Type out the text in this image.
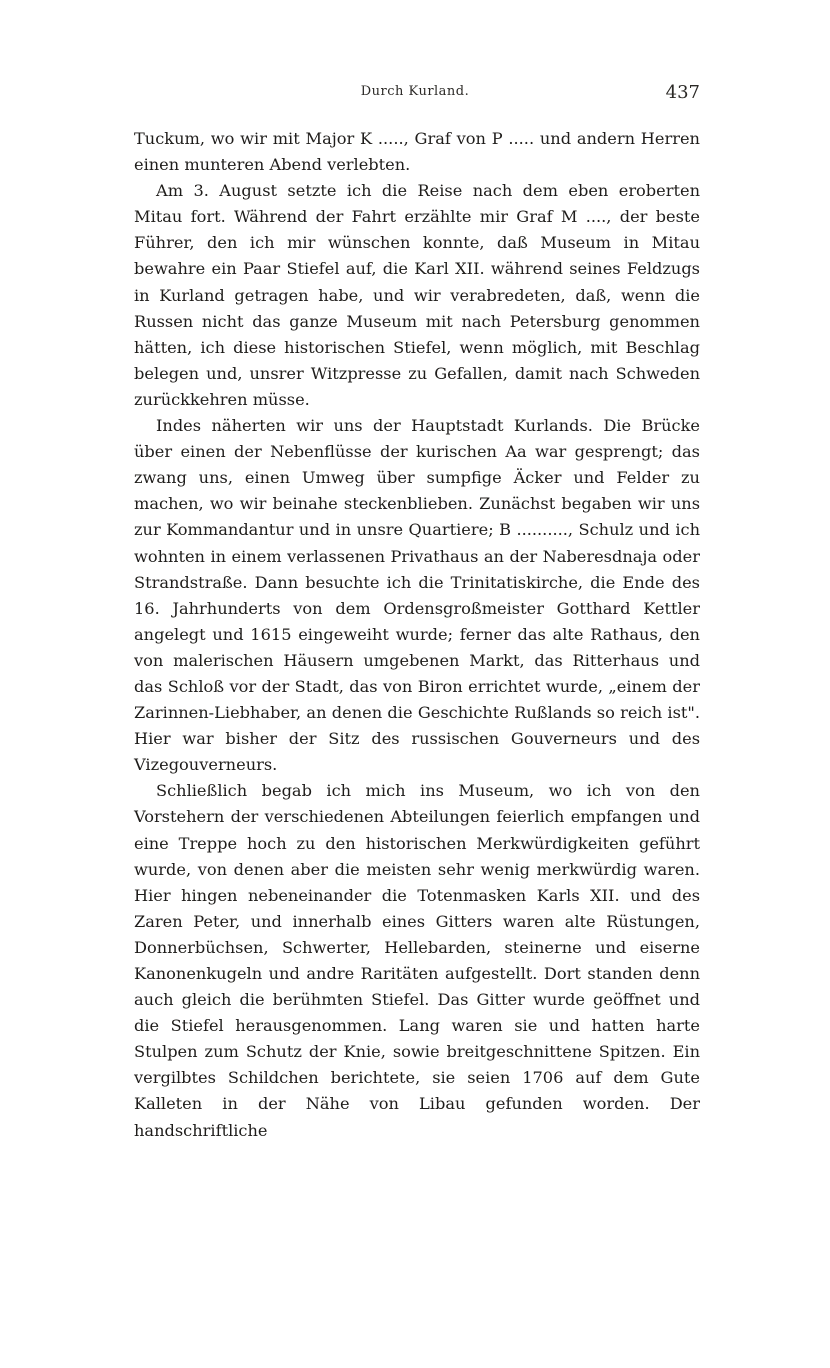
Durch Kurland.	437

Tuckum, wo wir mit Major K ....., Graf von P ..... und andern Herren einen munteren Abend verlebten.

Am 3. August setzte ich die Reise nach dem eben eroberten Mitau fort. Während der Fahrt erzählte mir Graf M ...., der beste Führer, den ich mir wünschen konnte, daß Museum in Mitau bewahre ein Paar Stiefel auf, die Karl XII. während seines Feldzugs in Kurland getragen habe, und wir verabredeten, daß, wenn die Russen nicht das ganze Museum mit nach Petersburg genommen hätten, ich diese historischen Stiefel, wenn möglich, mit Beschlag belegen und, unsrer Witzpresse zu Gefallen, damit nach Schweden zurückkehren müsse.

Indes näherten wir uns der Hauptstadt Kurlands. Die Brücke über einen der Nebenflüsse der kurischen Aa war gesprengt; das zwang uns, einen Umweg über sumpfige Äcker und Felder zu machen, wo wir beinahe steckenblieben. Zunächst begaben wir uns zur Kommandantur und in unsre Quartiere; B .........., Schulz und ich wohnten in einem verlassenen Privathaus an der Naberesdnaja oder Strandstraße. Dann besuchte ich die Trinitatiskirche, die Ende des 16. Jahrhunderts von dem Ordensgroßmeister Gotthard Kettler angelegt und 1615 eingeweiht wurde; ferner das alte Rathaus, den von malerischen Häusern umgebenen Markt, das Ritterhaus und das Schloß vor der Stadt, das von Biron errichtet wurde, „einem der Zarinnen-Liebhaber, an denen die Geschichte Rußlands so reich ist". Hier war bisher der Sitz des russischen Gouverneurs und des Vizegouverneurs.

Schließlich begab ich mich ins Museum, wo ich von den Vorstehern der verschiedenen Abteilungen feierlich empfangen und eine Treppe hoch zu den historischen Merkwürdigkeiten geführt wurde, von denen aber die meisten sehr wenig merkwürdig waren. Hier hingen nebeneinander die Totenmasken Karls XII. und des Zaren Peter, und innerhalb eines Gitters waren alte Rüstungen, Donnerbüchsen, Schwerter, Hellebarden, steinerne und eiserne Kanonenkugeln und andre Raritäten aufgestellt. Dort standen denn auch gleich die berühmten Stiefel. Das Gitter wurde geöffnet und die Stiefel herausgenommen. Lang waren sie und hatten harte Stulpen zum Schutz der Knie, sowie breitgeschnittene Spitzen. Ein vergilbtes Schildchen berichtete, sie seien 1706 auf dem Gute Kalleten in der Nähe von Libau gefunden worden. Der handschriftliche
